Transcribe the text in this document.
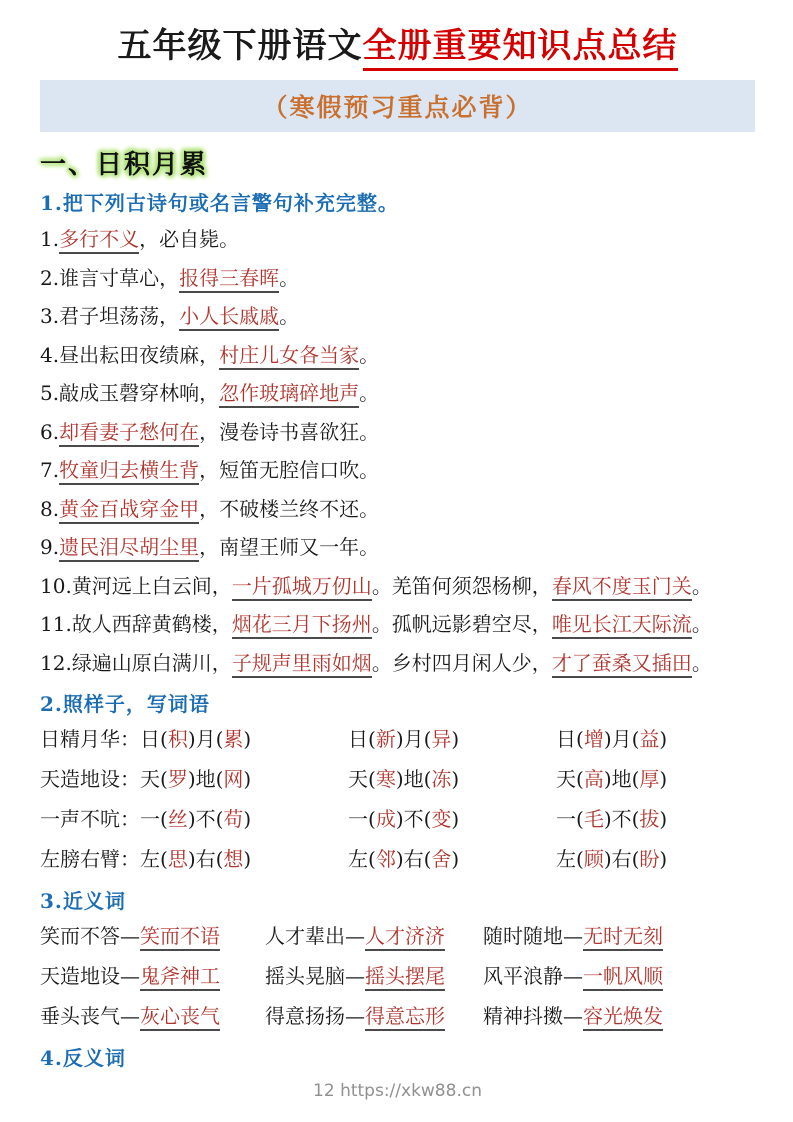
五年级下册语文全册重要知识点总结
（寒假预习重点必背）
一、日积月累
1.把下列古诗句或名言警句补充完整。
1.多行不义，必自毙。
2.谁言寸草心，报得三春晖。
3.君子坦荡荡，小人长戚戚。
4.昼出耘田夜绩麻，村庄儿女各当家。
5.敲成玉磬穿林响，忽作玻璃碎地声。
6.却看妻子愁何在，漫卷诗书喜欲狂。
7.牧童归去横生背，短笛无腔信口吹。
8.黄金百战穿金甲，不破楼兰终不还。
9.遗民泪尽胡尘里，南望王师又一年。
10.黄河远上白云间，一片孤城万仞山。羌笛何须怨杨柳，春风不度玉门关。
11.故人西辞黄鹤楼，烟花三月下扬州。孤帆远影碧空尽，唯见长江天际流。
12.绿遍山原白满川，子规声里雨如烟。乡村四月闲人少，才了蚕桑又插田。
2.照样子，写词语
日精月华：日(积)月(累)	日(新)月(异)	日(增)月(益)
天造地设：天(罗)地(网)	天(寒)地(冻)	天(高)地(厚)
一声不吭：一(丝)不(苟)	一(成)不(变)	一(毛)不(拔)
左膀右臂：左(思)右(想)	左(邻)右(舍)	左(顾)右(盼)
3.近义词
笑而不答—笑而不语	人才辈出—人才济济	随时随地—无时无刻
天造地设—鬼斧神工	摇头晃脑—摇头摆尾	风平浪静—一帆风顺
垂头丧气—灰心丧气	得意扬扬—得意忘形	精神抖擞—容光焕发
4.反义词
12 https://xkw88.cn
